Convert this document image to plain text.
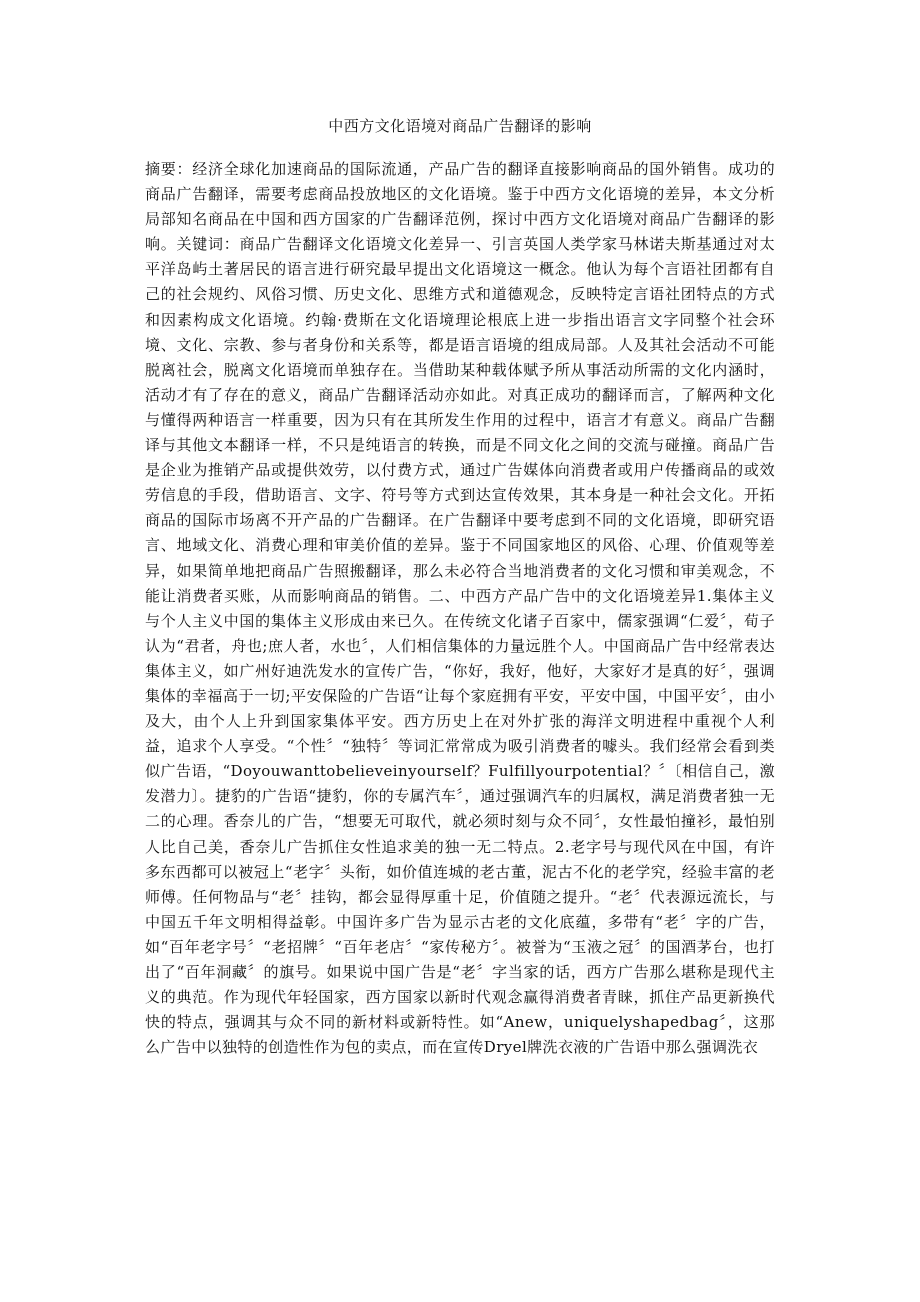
中西方文化语境对商品广告翻译的影响

摘要：经济全球化加速商品的国际流通，产品广告的翻译直接影响商品的国外销售。成功的商品广告翻译，需要考虑商品投放地区的文化语境。鉴于中西方文化语境的差异，本文分析局部知名商品在中国和西方国家的广告翻译范例，探讨中西方文化语境对商品广告翻译的影响。关键词：商品广告翻译文化语境文化差异一、引言英国人类学家马林诺夫斯基通过对太平洋岛屿土著居民的语言进行研究最早提出文化语境这一概念。他认为每个言语社团都有自己的社会规约、风俗习惯、历史文化、思维方式和道德观念，反映特定言语社团特点的方式和因素构成文化语境。约翰·费斯在文化语境理论根底上进一步指出语言文字同整个社会环境、文化、宗教、参与者身份和关系等，都是语言语境的组成局部。人及其社会活动不可能脱离社会，脱离文化语境而单独存在。当借助某种载体赋予所从事活动所需的文化内涵时，活动才有了存在的意义，商品广告翻译活动亦如此。对真正成功的翻译而言，了解两种文化与懂得两种语言一样重要，因为只有在其所发生作用的过程中，语言才有意义。商品广告翻译与其他文本翻译一样，不只是纯语言的转换，而是不同文化之间的交流与碰撞。商品广告是企业为推销产品或提供效劳，以付费方式，通过广告媒体向消费者或用户传播商品的或效劳信息的手段，借助语言、文字、符号等方式到达宣传效果，其本身是一种社会文化。开拓商品的国际市场离不开产品的广告翻译。在广告翻译中要考虑到不同的文化语境，即研究语言、地域文化、消费心理和审美价值的差异。鉴于不同国家地区的风俗、心理、价值观等差异，如果简单地把商品广告照搬翻译，那么未必符合当地消费者的文化习惯和审美观念，不能让消费者买账，从而影响商品的销售。二、中西方产品广告中的文化语境差异1.集体主义与个人主义中国的集体主义形成由来已久。在传统文化诸子百家中，儒家强调“仁爱〞，荀子认为“君者，舟也;庶人者，水也〞，人们相信集体的力量远胜个人。中国商品广告中经常表达集体主义，如广州好迪洗发水的宣传广告，“你好，我好，他好，大家好才是真的好〞，强调集体的幸福高于一切;平安保险的广告语“让每个家庭拥有平安，平安中国，中国平安〞，由小及大，由个人上升到国家集体平安。西方历史上在对外扩张的海洋文明进程中重视个人利益，追求个人享受。“个性〞“独特〞等词汇常常成为吸引消费者的噱头。我们经常会看到类似广告语，“Doyouwanttobelieveinyourself？Fulfillyourpotential？〞〔相信自己，激发潜力〕。捷豹的广告语“捷豹，你的专属汽车〞，通过强调汽车的归属权，满足消费者独一无二的心理。香奈儿的广告，“想要无可取代，就必须时刻与众不同〞，女性最怕撞衫，最怕别人比自己美，香奈儿广告抓住女性追求美的独一无二特点。2.老字号与现代风在中国，有许多东西都可以被冠上“老字〞头衔，如价值连城的老古董，泥古不化的老学究，经验丰富的老师傅。任何物品与“老〞挂钩，都会显得厚重十足，价值随之提升。“老〞代表源远流长，与中国五千年文明相得益彰。中国许多广告为显示古老的文化底蕴，多带有“老〞字的广告，如“百年老字号〞“老招牌〞“百年老店〞“家传秘方〞。被誉为“玉液之冠〞的国酒茅台，也打出了“百年洞藏〞的旗号。如果说中国广告是“老〞字当家的话，西方广告那么堪称是现代主义的典范。作为现代年轻国家，西方国家以新时代观念赢得消费者青睐，抓住产品更新换代快的特点，强调其与众不同的新材料或新特性。如“Anew，uniquelyshapedbag〞，这那么广告中以独特的创造性作为包的卖点，而在宣传Dryel牌洗衣液的广告语中那么强调洗衣
